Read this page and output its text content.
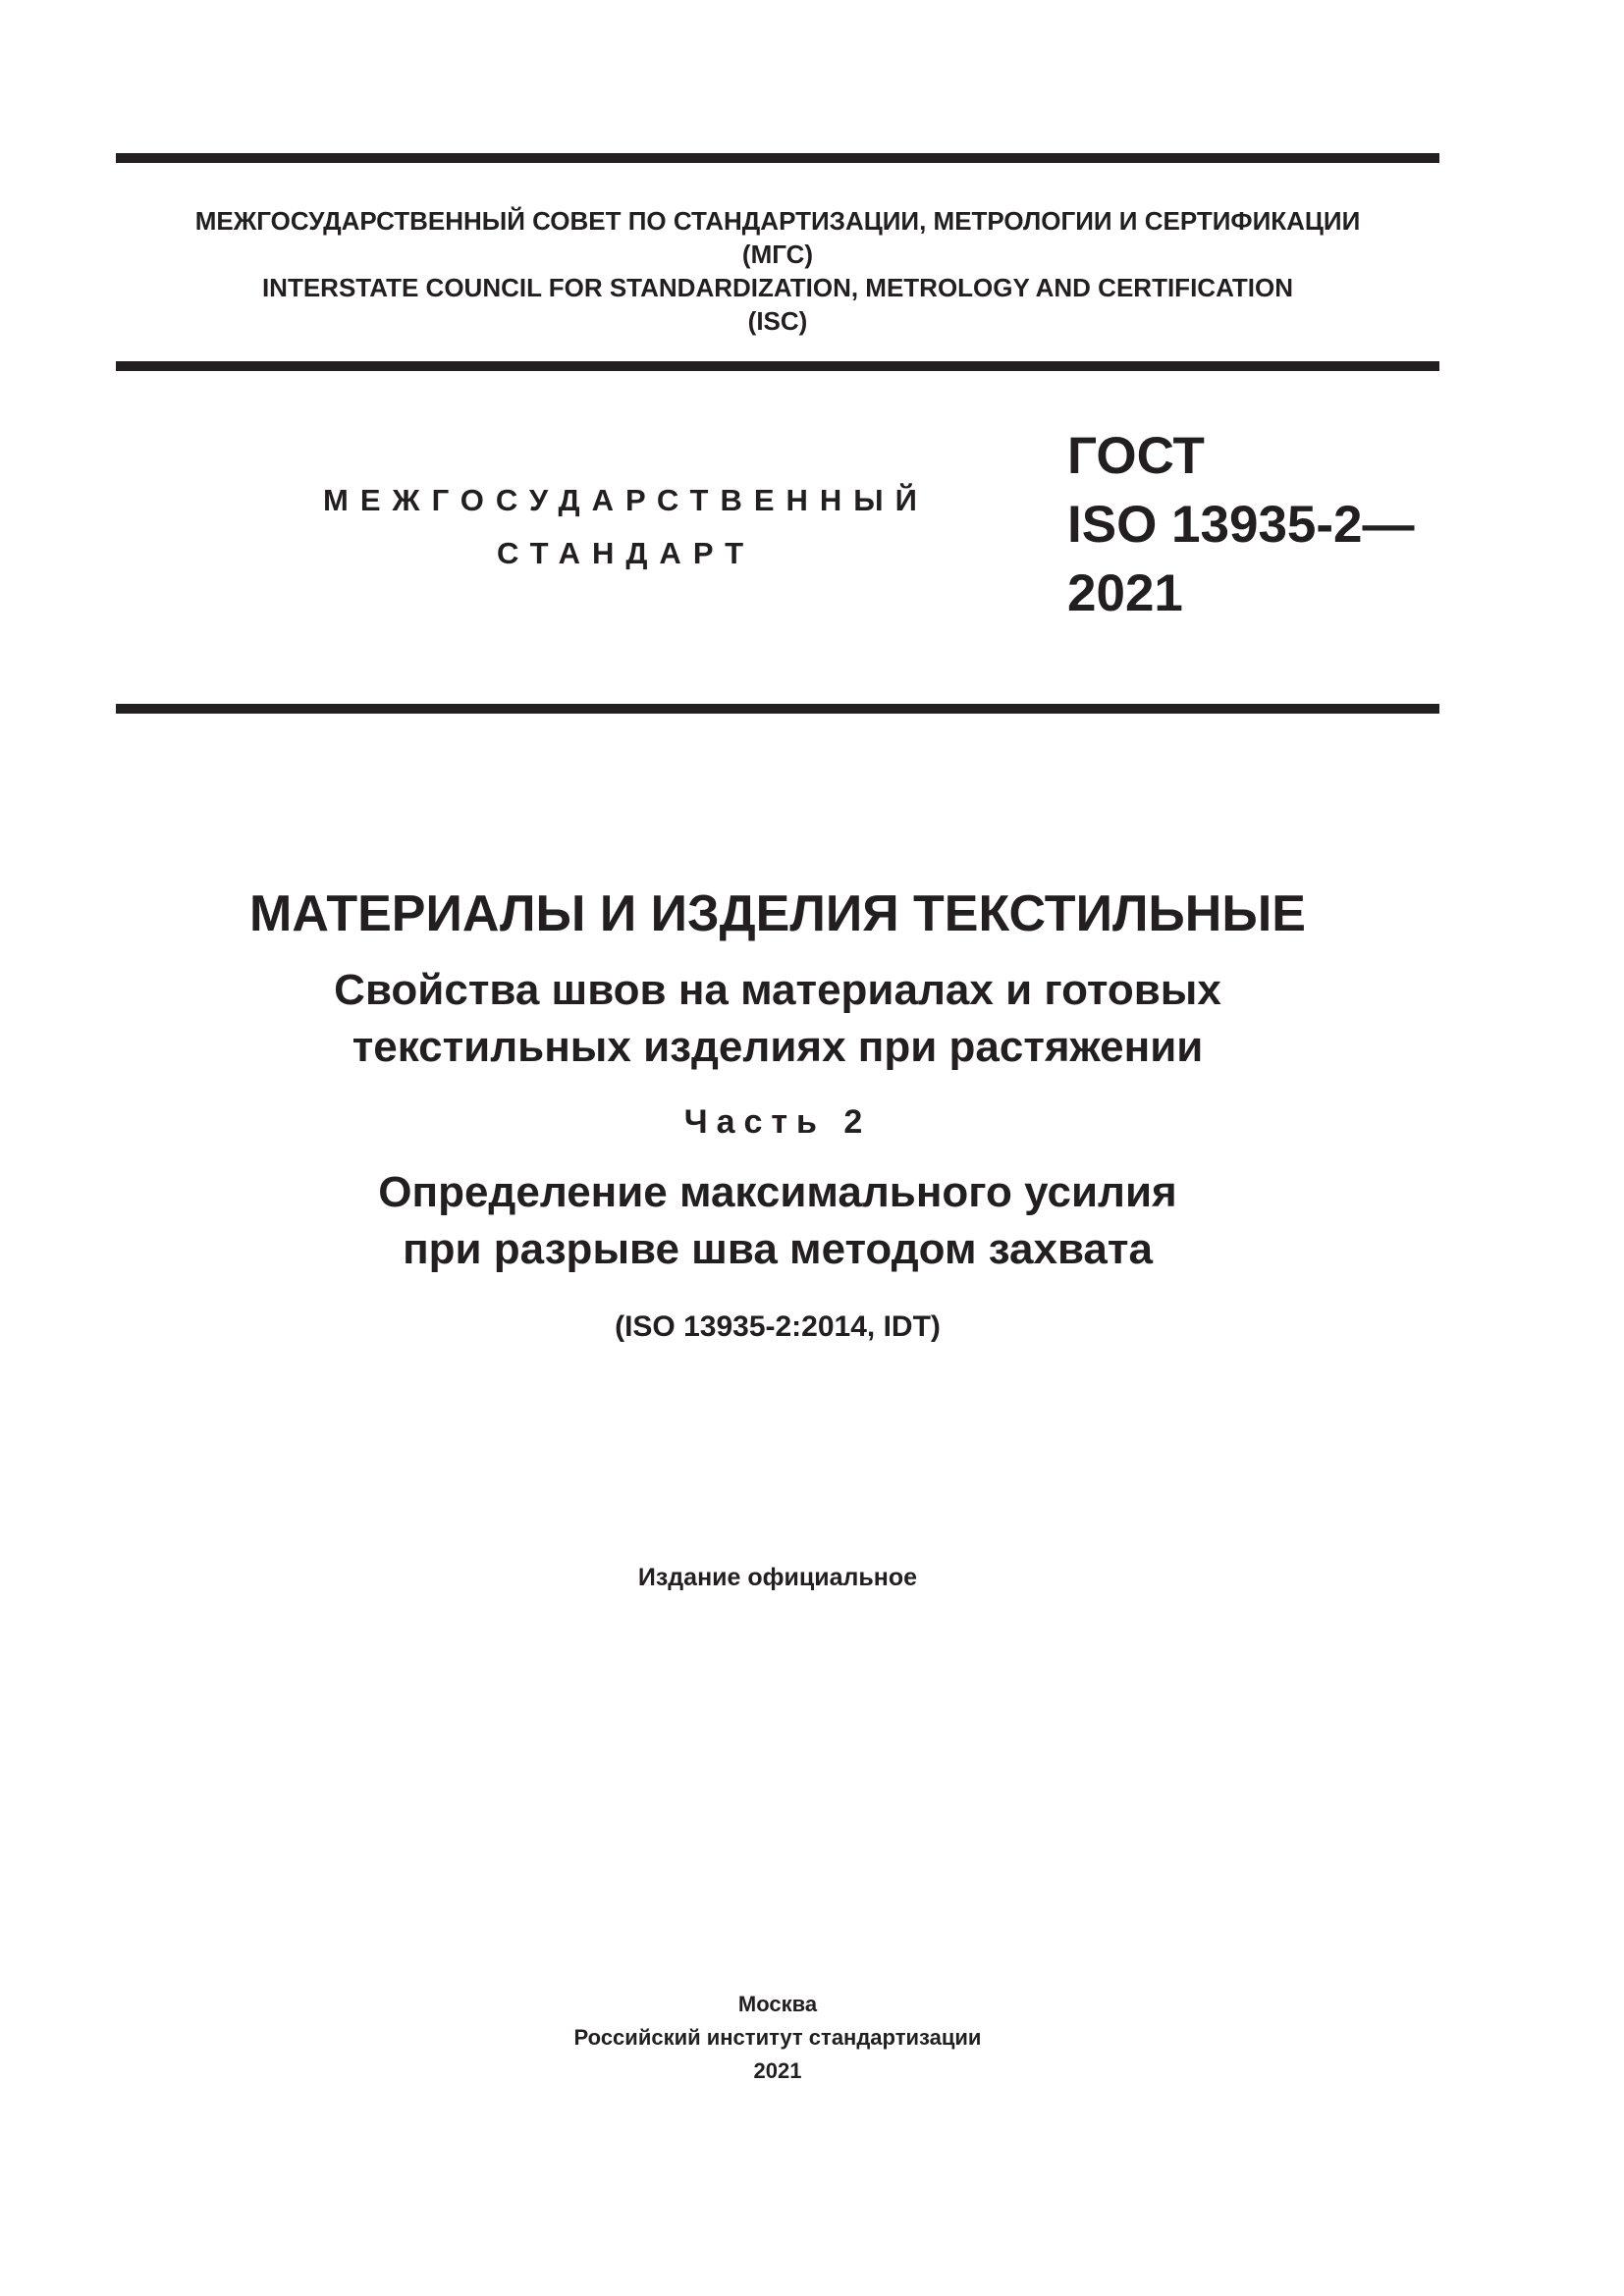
МЕЖГОСУДАРСТВЕННЫЙ СОВЕТ ПО СТАНДАРТИЗАЦИИ, МЕТРОЛОГИИ И СЕРТИФИКАЦИИ
(МГС)
INTERSTATE COUNCIL FOR STANDARDIZATION, METROLOGY AND CERTIFICATION
(ISC)
МЕЖГОСУДАРСТВЕННЫЙ
СТАНДАРТ
ГОСТ
ISO 13935-2—
2021
МАТЕРИАЛЫ И ИЗДЕЛИЯ ТЕКСТИЛЬНЫЕ
Свойства швов на материалах и готовых
текстильных изделиях при растяжении
Часть 2
Определение максимального усилия
при разрыве шва методом захвата
(ISO 13935-2:2014, IDT)
Издание официальное
Москва
Российский институт стандартизации
2021
